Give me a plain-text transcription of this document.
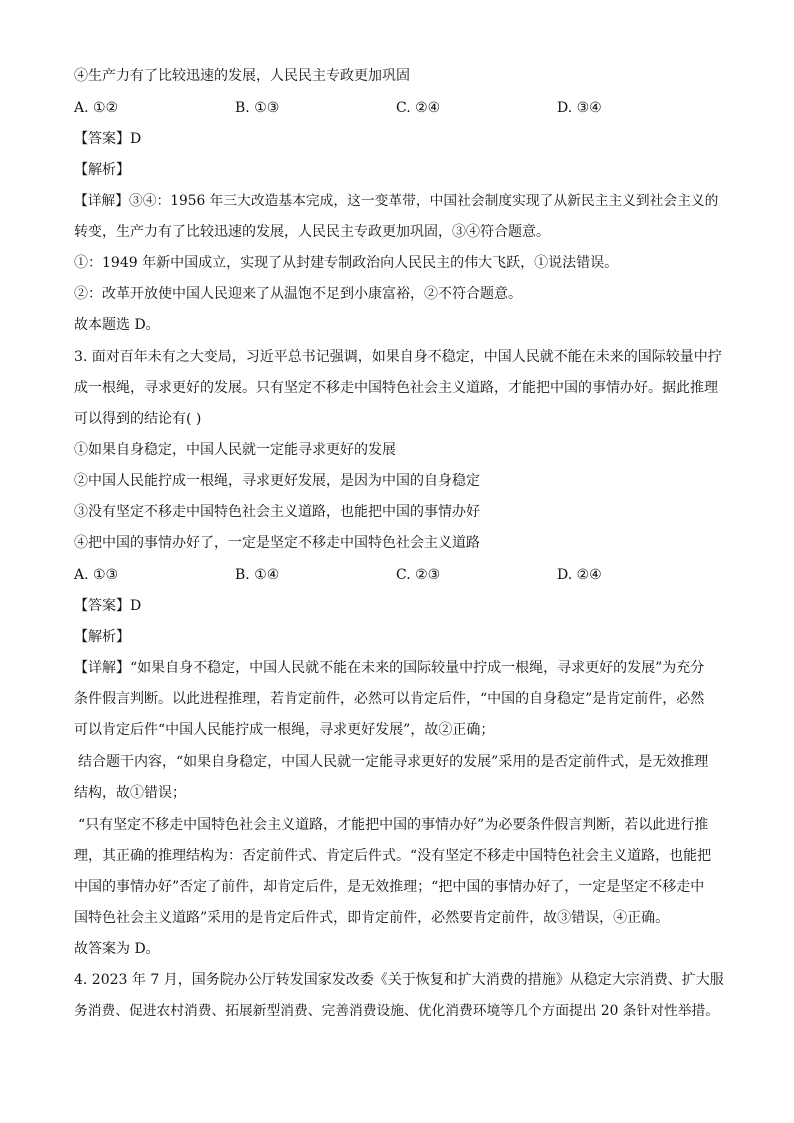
④生产力有了比较迅速的发展，人民民主专政更加巩固
A. ①②	B. ①③	C. ②④	D. ③④
【答案】D
【解析】
【详解】③④：1956 年三大改造基本完成，这一变革带，中国社会制度实现了从新民主主义到社会主义的
转变，生产力有了比较迅速的发展，人民民主专政更加巩固，③④符合题意。
①：1949 年新中国成立，实现了从封建专制政治向人民民主的伟大飞跃，①说法错误。
②：改革开放使中国人民迎来了从温饱不足到小康富裕，②不符合题意。
故本题选 D。
3. 面对百年未有之大变局，习近平总书记强调，如果自身不稳定，中国人民就不能在未来的国际较量中拧
成一根绳，寻求更好的发展。只有坚定不移走中国特色社会主义道路，才能把中国的事情办好。据此推理
可以得到的结论有( )
①如果自身稳定，中国人民就一定能寻求更好的发展
②中国人民能拧成一根绳，寻求更好发展，是因为中国的自身稳定
③没有坚定不移走中国特色社会主义道路，也能把中国的事情办好
④把中国的事情办好了，一定是坚定不移走中国特色社会主义道路
A. ①③	B. ①④	C. ②③	D. ②④
【答案】D
【解析】
【详解】“如果自身不稳定，中国人民就不能在未来的国际较量中拧成一根绳，寻求更好的发展”为充分
条件假言判断。以此进程推理，若肯定前件，必然可以肯定后件，“中国的自身稳定”是肯定前件，必然
可以肯定后件“中国人民能拧成一根绳，寻求更好发展”，故②正确；
结合题干内容，“如果自身稳定，中国人民就一定能寻求更好的发展”采用的是否定前件式，是无效推理
结构，故①错误；
“只有坚定不移走中国特色社会主义道路，才能把中国的事情办好”为必要条件假言判断，若以此进行推
理，其正确的推理结构为：否定前件式、肯定后件式。“没有坚定不移走中国特色社会主义道路，也能把
中国的事情办好”否定了前件，却肯定后件，是无效推理；“把中国的事情办好了，一定是坚定不移走中
国特色社会主义道路”采用的是肯定后件式，即肯定前件，必然要肯定前件，故③错误，④正确。
故答案为 D。
4. 2023 年 7 月，国务院办公厅转发国家发改委《关于恢复和扩大消费的措施》从稳定大宗消费、扩大服
务消费、促进农村消费、拓展新型消费、完善消费设施、优化消费环境等几个方面提出 20 条针对性举措。
